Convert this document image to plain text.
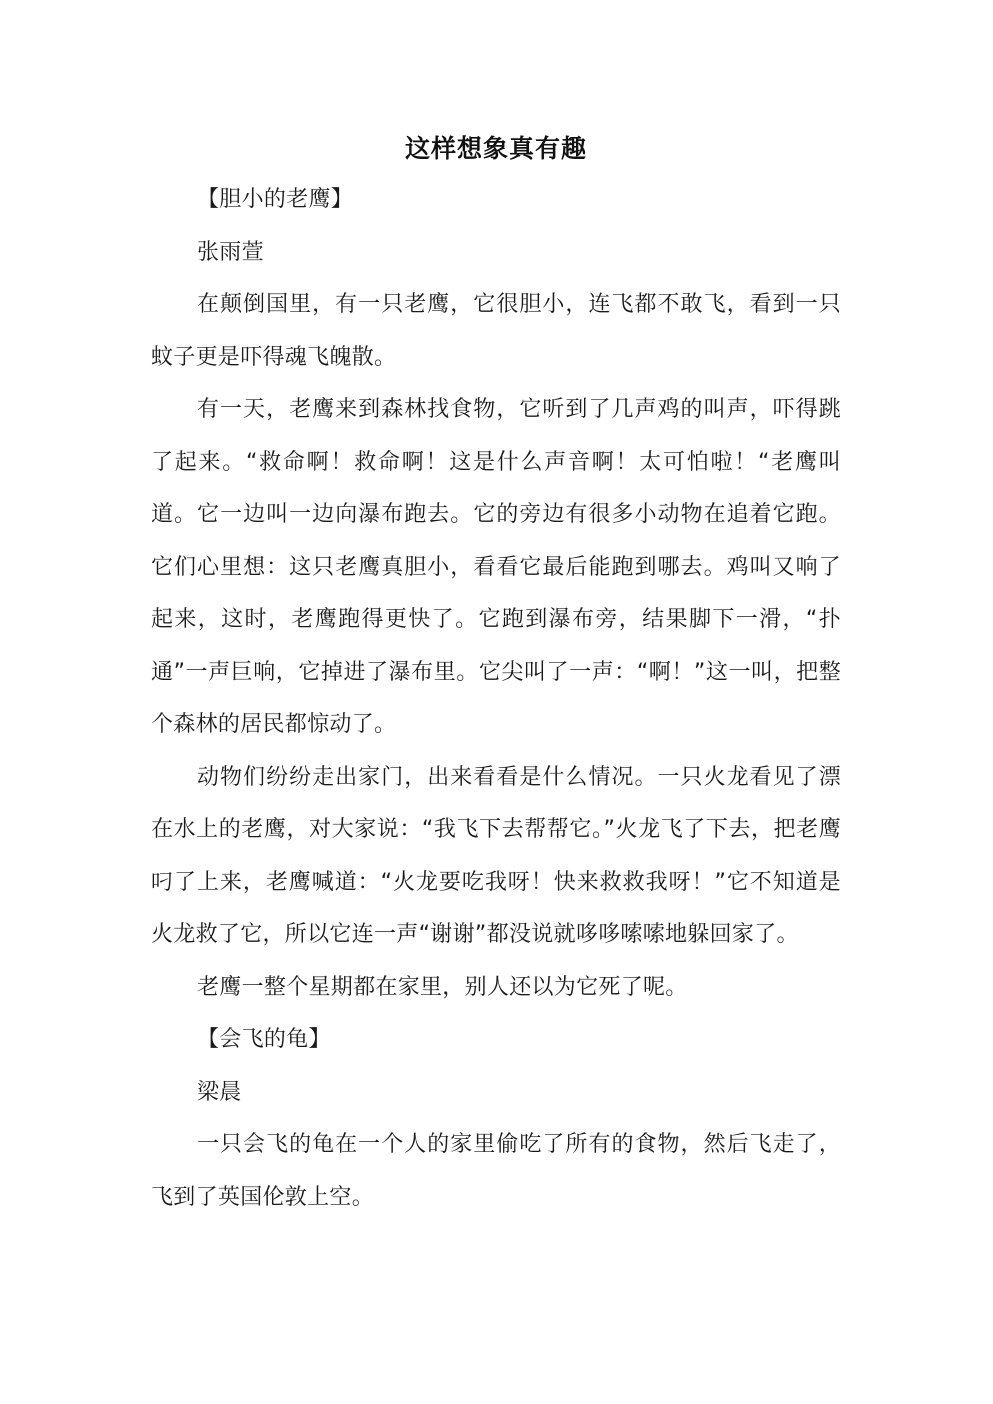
这样想象真有趣

【胆小的老鹰】

张雨萱

在颠倒国里，有一只老鹰，它很胆小，连飞都不敢飞，看到一只蚊子更是吓得魂飞魄散。

有一天，老鹰来到森林找食物，它听到了几声鸡的叫声，吓得跳了起来。“救命啊！救命啊！这是什么声音啊！太可怕啦！“老鹰叫道。它一边叫一边向瀑布跑去。它的旁边有很多小动物在追着它跑。它们心里想：这只老鹰真胆小，看看它最后能跑到哪去。鸡叫又响了起来，这时，老鹰跑得更快了。它跑到瀑布旁，结果脚下一滑，“扑通”一声巨响，它掉进了瀑布里。它尖叫了一声：“啊！”这一叫，把整个森林的居民都惊动了。

动物们纷纷走出家门，出来看看是什么情况。一只火龙看见了漂在水上的老鹰，对大家说：“我飞下去帮帮它。”火龙飞了下去，把老鹰叼了上来，老鹰喊道：“火龙要吃我呀！快来救救我呀！”它不知道是火龙救了它，所以它连一声“谢谢”都没说就哆哆嗦嗦地躲回家了。

老鹰一整个星期都在家里，别人还以为它死了呢。

【会飞的龟】

梁晨

一只会飞的龟在一个人的家里偷吃了所有的食物，然后飞走了，飞到了英国伦敦上空。
